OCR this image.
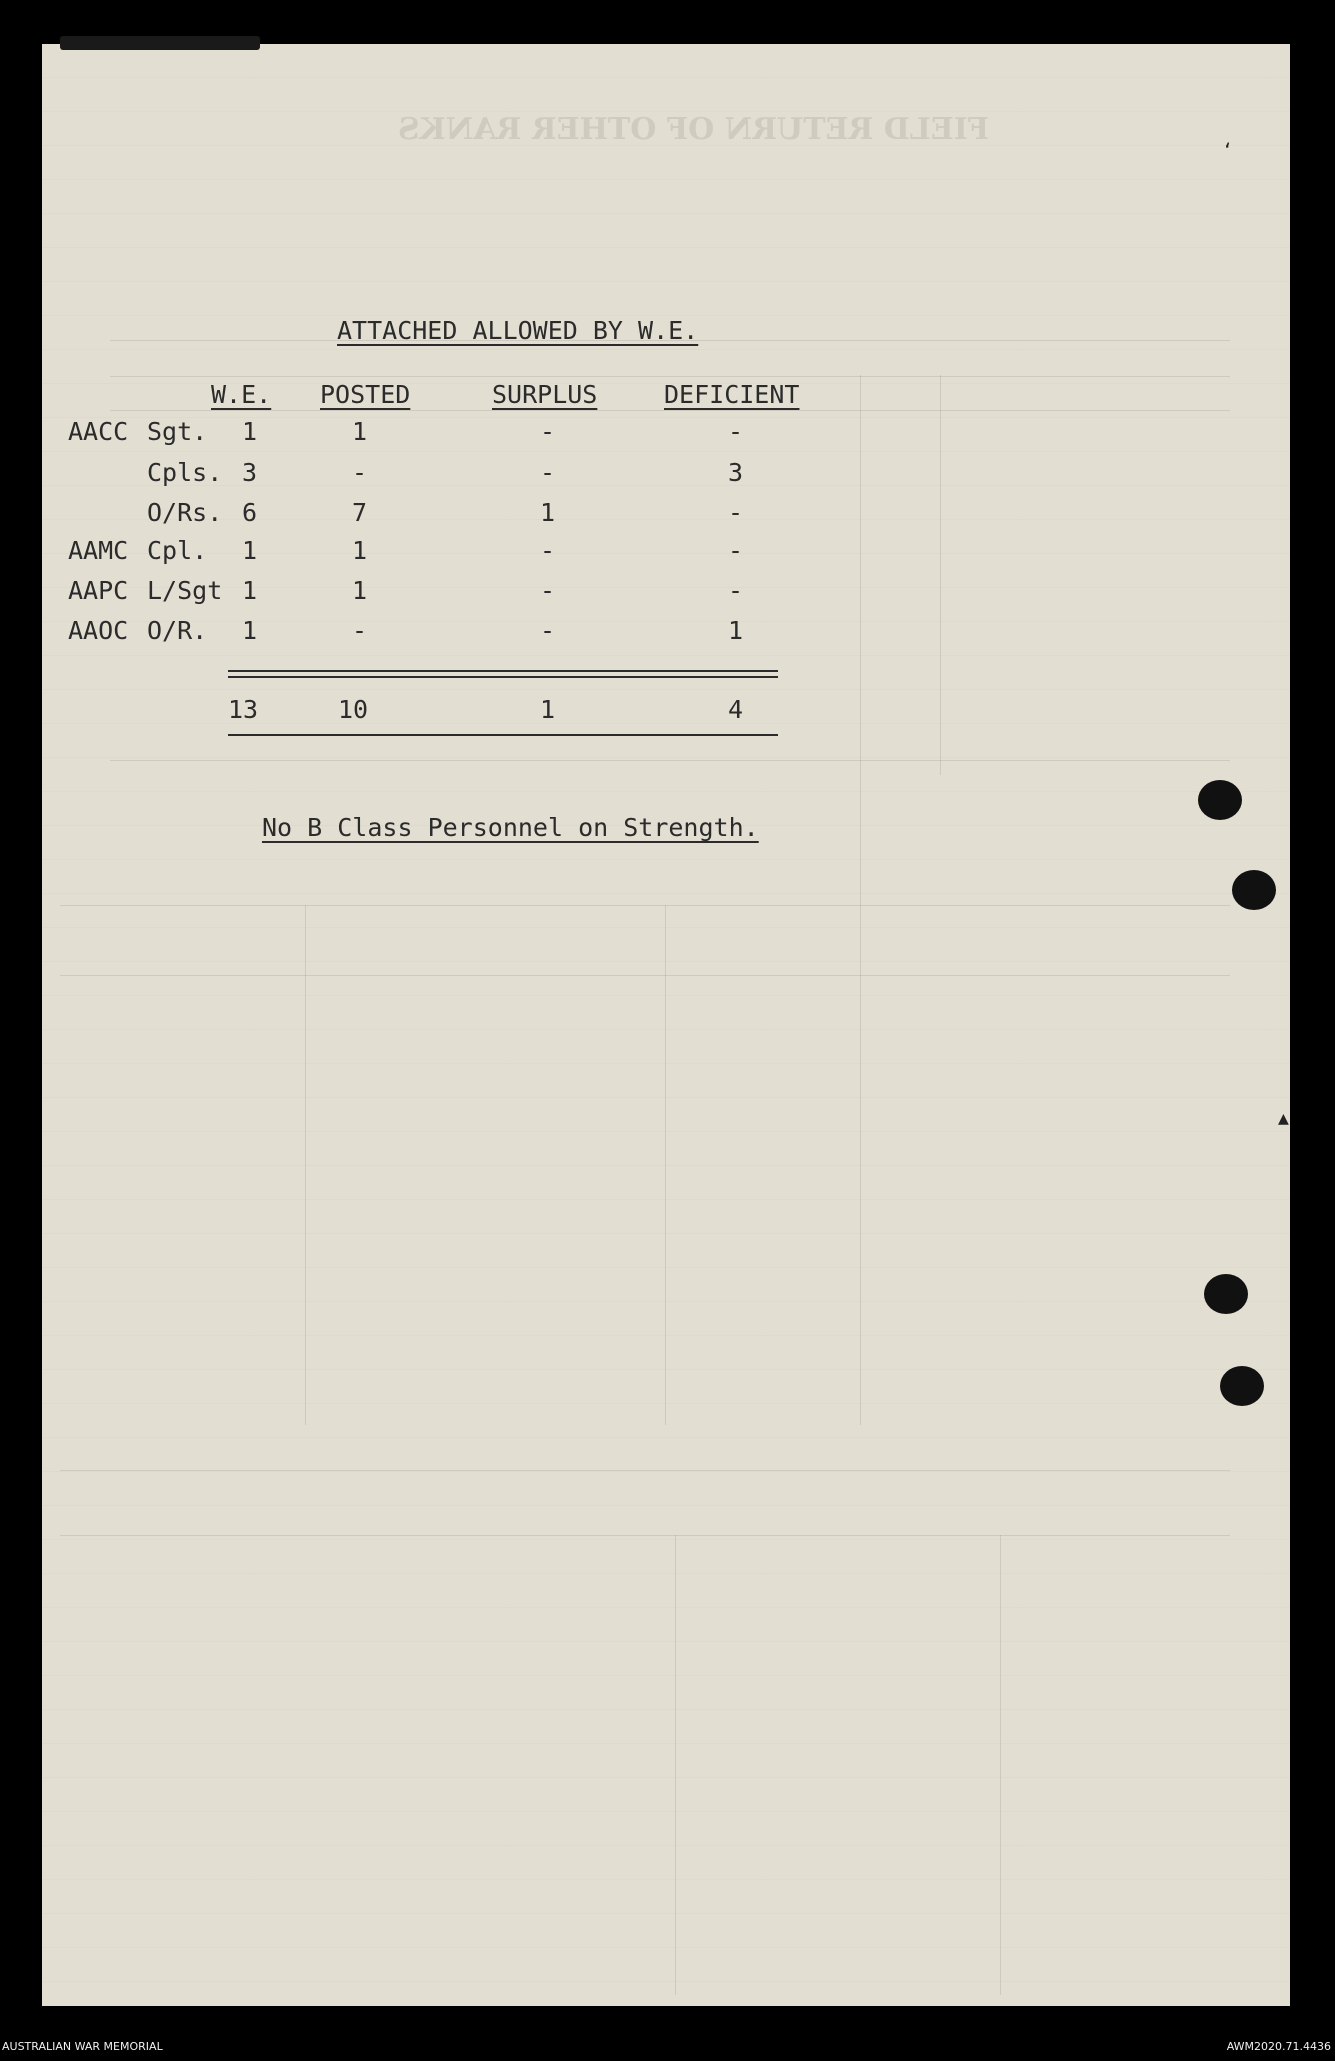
FIELD RETURN OF OTHER RANKS
‘
▲
ATTACHED ALLOWED BY W.E.
W.E. POSTED	SURPLUS	DEFICIENT
AACC Sgt. 1	1	-	-
Cpls. 3	-	-	3
O/Rs. 6	7	1	-
AAMC Cpl. 1	1	-	-
AAPC L/Sgt 1	1	-	-
AAOC O/R. 1	-	-	1
13	10	1	4
No B Class Personnel on Strength.
AUSTRALIAN WAR MEMORIAL	AWM2020.71.4436
